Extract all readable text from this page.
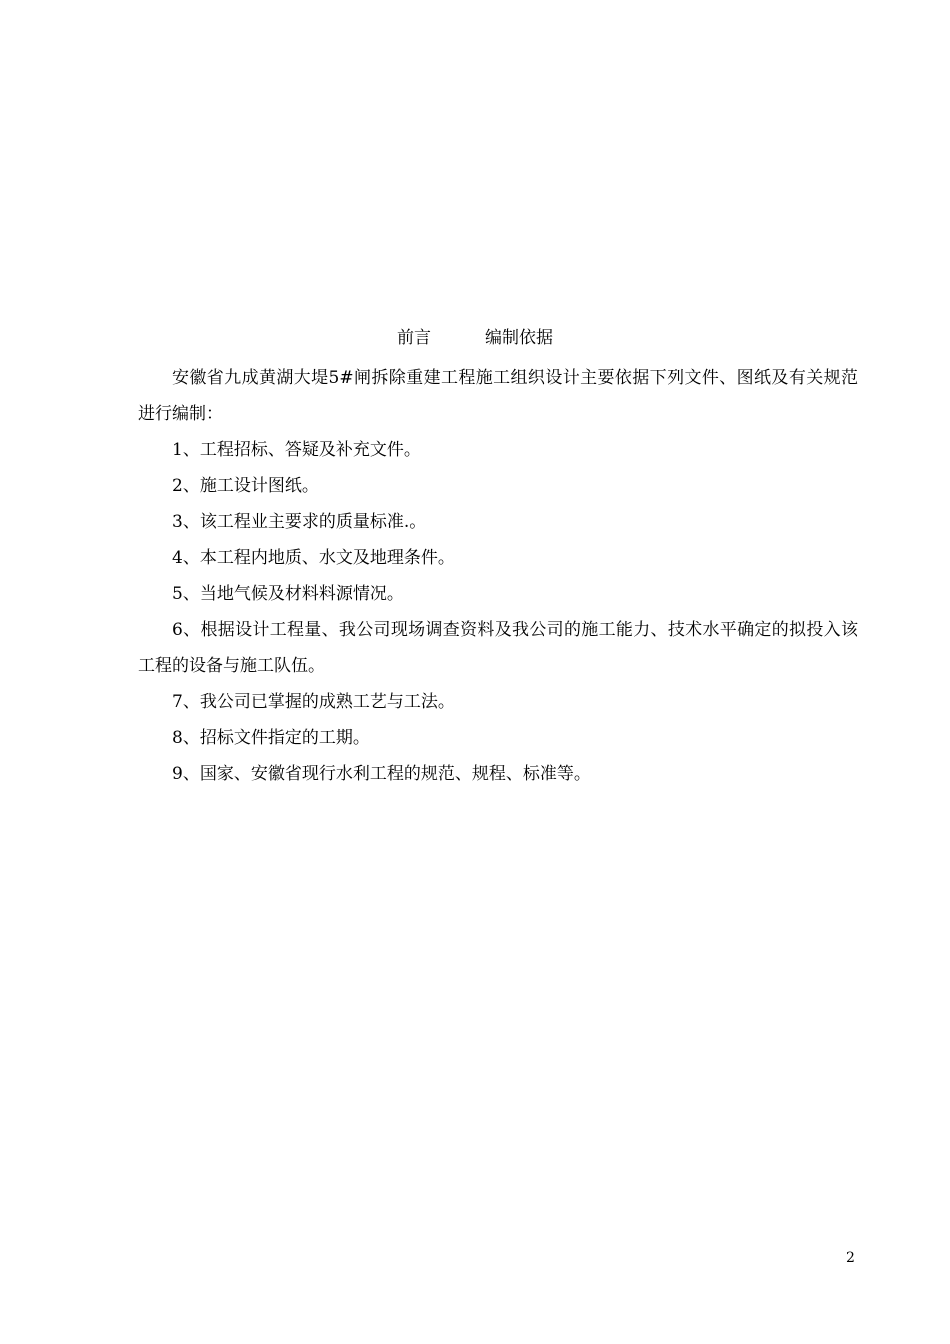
前言	编制依据

安徽省九成黄湖大堤5#闸拆除重建工程施工组织设计主要依据下列文件、图纸及有关规范进行编制：

1、工程招标、答疑及补充文件。

2、施工设计图纸。

3、该工程业主要求的质量标准.。

4、本工程内地质、水文及地理条件。

5、当地气候及材料料源情况。

6、根据设计工程量、我公司现场调查资料及我公司的施工能力、技术水平确定的拟投入该工程的设备与施工队伍。

7、我公司已掌握的成熟工艺与工法。

8、招标文件指定的工期。

9、国家、安徽省现行水利工程的规范、规程、标准等。

2
